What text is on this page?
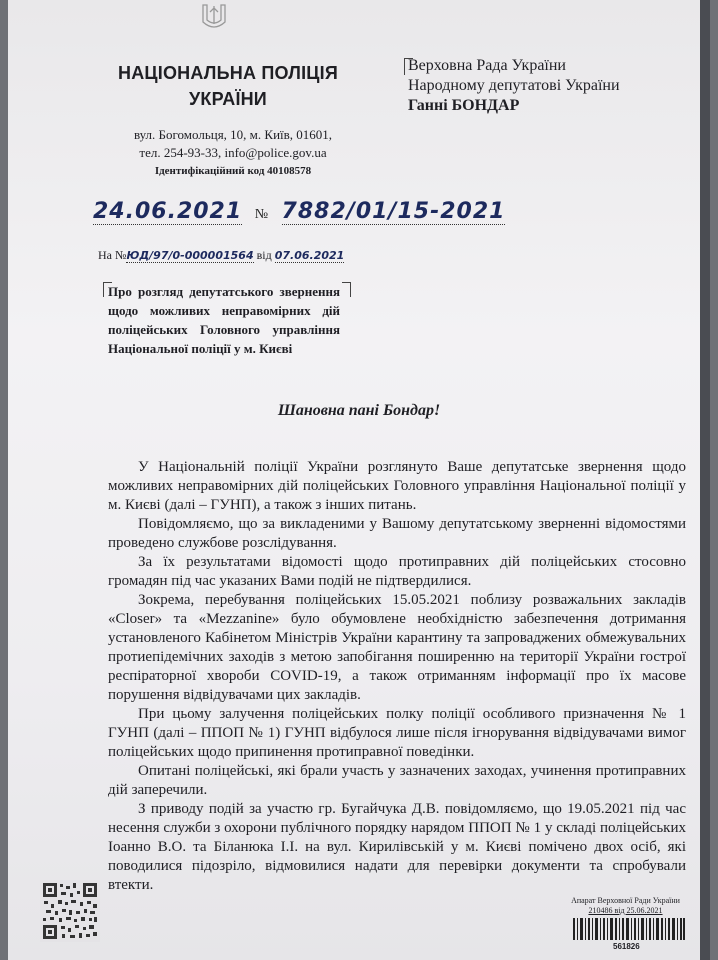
НАЦІОНАЛЬНА ПОЛІЦІЯ
УКРАЇНИ
вул. Богомольця, 10, м. Київ, 01601,
тел. 254-93-33, info@police.gov.ua
Ідентифікаційний код 40108578
Верховна Рада України
Народному депутатові України
Ганні БОНДАР
24.06.2021 № 7882/01/15-2021
На №ЮД/97/0-000001564 від 07.06.2021
Про розгляд депутатського звернення щодо можливих неправомірних дій поліцейських Головного управління Національної поліції у м. Києві
Шановна пані Бондар!

У Національній поліції України розглянуто Ваше депутатське звернення щодо можливих неправомірних дій поліцейських Головного управління Національної поліції у м. Києві (далі – ГУНП), а також з інших питань.

Повідомляємо, що за викладеними у Вашому депутатському зверненні відомостями проведено службове розслідування.

За їх результатами відомості щодо протиправних дій поліцейських стосовно громадян під час указаних Вами подій не підтвердилися.

Зокрема, перебування поліцейських 15.05.2021 поблизу розважальних закладів «Closer» та «Mezzanine» було обумовлене необхідністю забезпечення дотримання установленого Кабінетом Міністрів України карантину та запроваджених обмежувальних протиепідемічних заходів з метою запобігання поширенню на території України гострої респіраторної хвороби COVID-19, а також отриманням інформації про їх масове порушення відвідувачами цих закладів.

При цьому залучення поліцейських полку поліції особливого призначення № 1 ГУНП (далі – ППОП № 1) ГУНП відбулося лише після ігнорування відвідувачами вимог поліцейських щодо припинення протиправної поведінки.

Опитані поліцейські, які брали участь у зазначених заходах, учинення протиправних дій заперечили.

З приводу подій за участю гр. Бугайчука Д.В. повідомляємо, що 19.05.2021 під час несення служби з охорони публічного порядку нарядом ППОП № 1 у складі поліцейських Іоанно В.О. та Біланюка І.І. на вул. Кирилівській у м. Києві помічено двох осіб, які поводилися підозріло, відмовилися надати для перевірки документи та спробували втекти.

Апарат Верховної Ради України
210486 від 25.06.2021
561826
